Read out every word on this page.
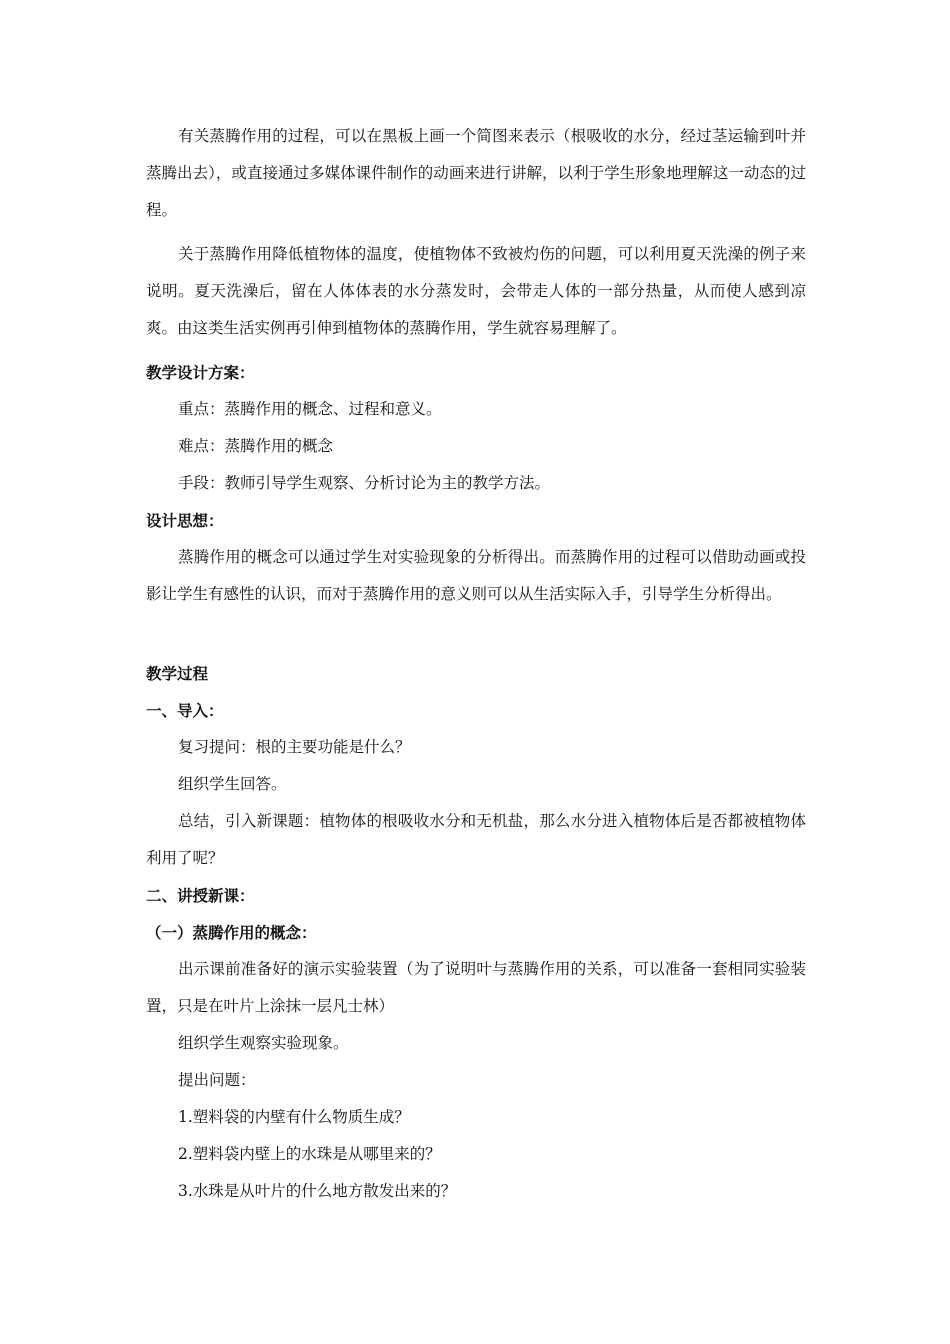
有关蒸腾作用的过程，可以在黑板上画一个简图来表示（根吸收的水分，经过茎运输到叶并蒸腾出去），或直接通过多媒体课件制作的动画来进行讲解，以利于学生形象地理解这一动态的过程。

关于蒸腾作用降低植物体的温度，使植物体不致被灼伤的问题，可以利用夏天洗澡的例子来说明。夏天洗澡后，留在人体体表的水分蒸发时，会带走人体的一部分热量，从而使人感到凉爽。由这类生活实例再引伸到植物体的蒸腾作用，学生就容易理解了。

教学设计方案：

重点：蒸腾作用的概念、过程和意义。

难点：蒸腾作用的概念

手段：教师引导学生观察、分析讨论为主的教学方法。

设计思想：

蒸腾作用的概念可以通过学生对实验现象的分析得出。而蒸腾作用的过程可以借助动画或投影让学生有感性的认识，而对于蒸腾作用的意义则可以从生活实际入手，引导学生分析得出。

教学过程

一、导入：

复习提问：根的主要功能是什么？

组织学生回答。

总结，引入新课题：植物体的根吸收水分和无机盐，那么水分进入植物体后是否都被植物体利用了呢？

二、讲授新课：

（一）蒸腾作用的概念：

出示课前准备好的演示实验装置（为了说明叶与蒸腾作用的关系，可以准备一套相同实验装置，只是在叶片上涂抹一层凡士林）

组织学生观察实验现象。

提出问题：

1.塑料袋的内壁有什么物质生成？
2.塑料袋内壁上的水珠是从哪里来的？
3.水珠是从叶片的什么地方散发出来的？
